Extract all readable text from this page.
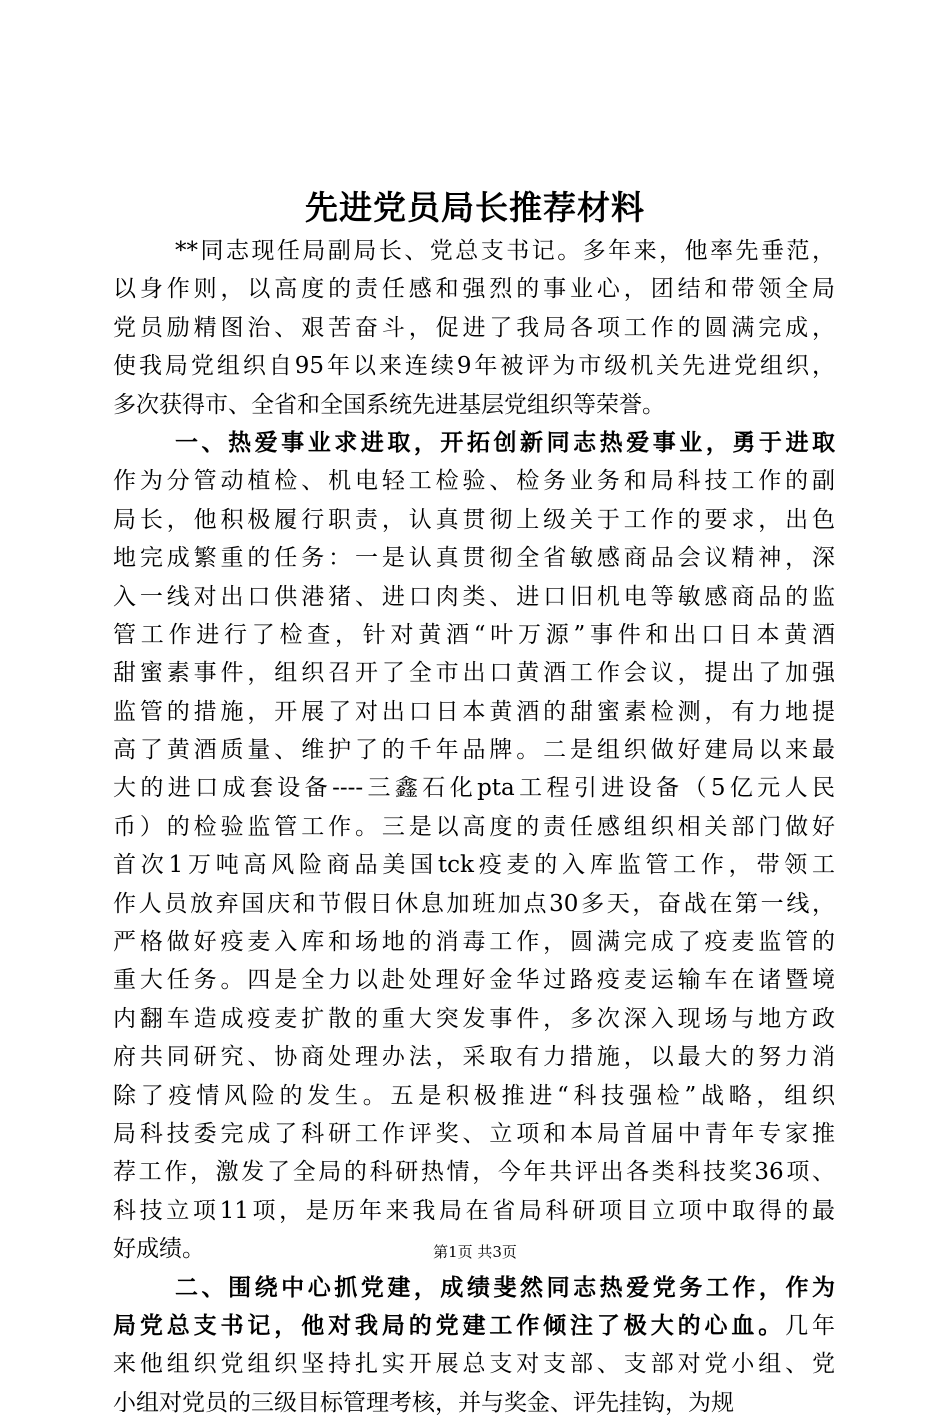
先进党员局长推荐材料
**同志现任局副局长、党总支书记。多年来，他率先垂范，
以身作则，以高度的责任感和强烈的事业心，团结和带领全局
党员励精图治、艰苦奋斗，促进了我局各项工作的圆满完成，
使我局党组织自95年以来连续9年被评为市级机关先进党组织，
多次获得市、全省和全国系统先进基层党组织等荣誉。
一、热爱事业求进取，开拓创新同志热爱事业，勇于进取
作为分管动植检、机电轻工检验、检务业务和局科技工作的副
局长，他积极履行职责，认真贯彻上级关于工作的要求，出色
地完成繁重的任务：一是认真贯彻全省敏感商品会议精神，深
入一线对出口供港猪、进口肉类、进口旧机电等敏感商品的监
管工作进行了检查，针对黄酒“叶万源”事件和出口日本黄酒
甜蜜素事件，组织召开了全市出口黄酒工作会议，提出了加强
监管的措施，开展了对出口日本黄酒的甜蜜素检测，有力地提
高了黄酒质量、维护了的千年品牌。二是组织做好建局以来最
大的进口成套设备----三鑫石化pta工程引进设备（5亿元人民
币）的检验监管工作。三是以高度的责任感组织相关部门做好
首次1万吨高风险商品美国tck疫麦的入库监管工作，带领工
作人员放弃国庆和节假日休息加班加点30多天，奋战在第一线，
严格做好疫麦入库和场地的消毒工作，圆满完成了疫麦监管的
重大任务。四是全力以赴处理好金华过路疫麦运输车在诸暨境
内翻车造成疫麦扩散的重大突发事件，多次深入现场与地方政
府共同研究、协商处理办法，采取有力措施，以最大的努力消
除了疫情风险的发生。五是积极推进“科技强检”战略，组织
局科技委完成了科研工作评奖、立项和本局首届中青年专家推
荐工作，激发了全局的科研热情，今年共评出各类科技奖36项、
科技立项11项，是历年来我局在省局科研项目立项中取得的最
好成绩。
二、围绕中心抓党建，成绩斐然同志热爱党务工作，作为
局党总支书记，他对我局的党建工作倾注了极大的心血。几年
来他组织党组织坚持扎实开展总支对支部、支部对党小组、党
小组对党员的三级目标管理考核，并与奖金、评先挂钩，为规
第1页 共3页
